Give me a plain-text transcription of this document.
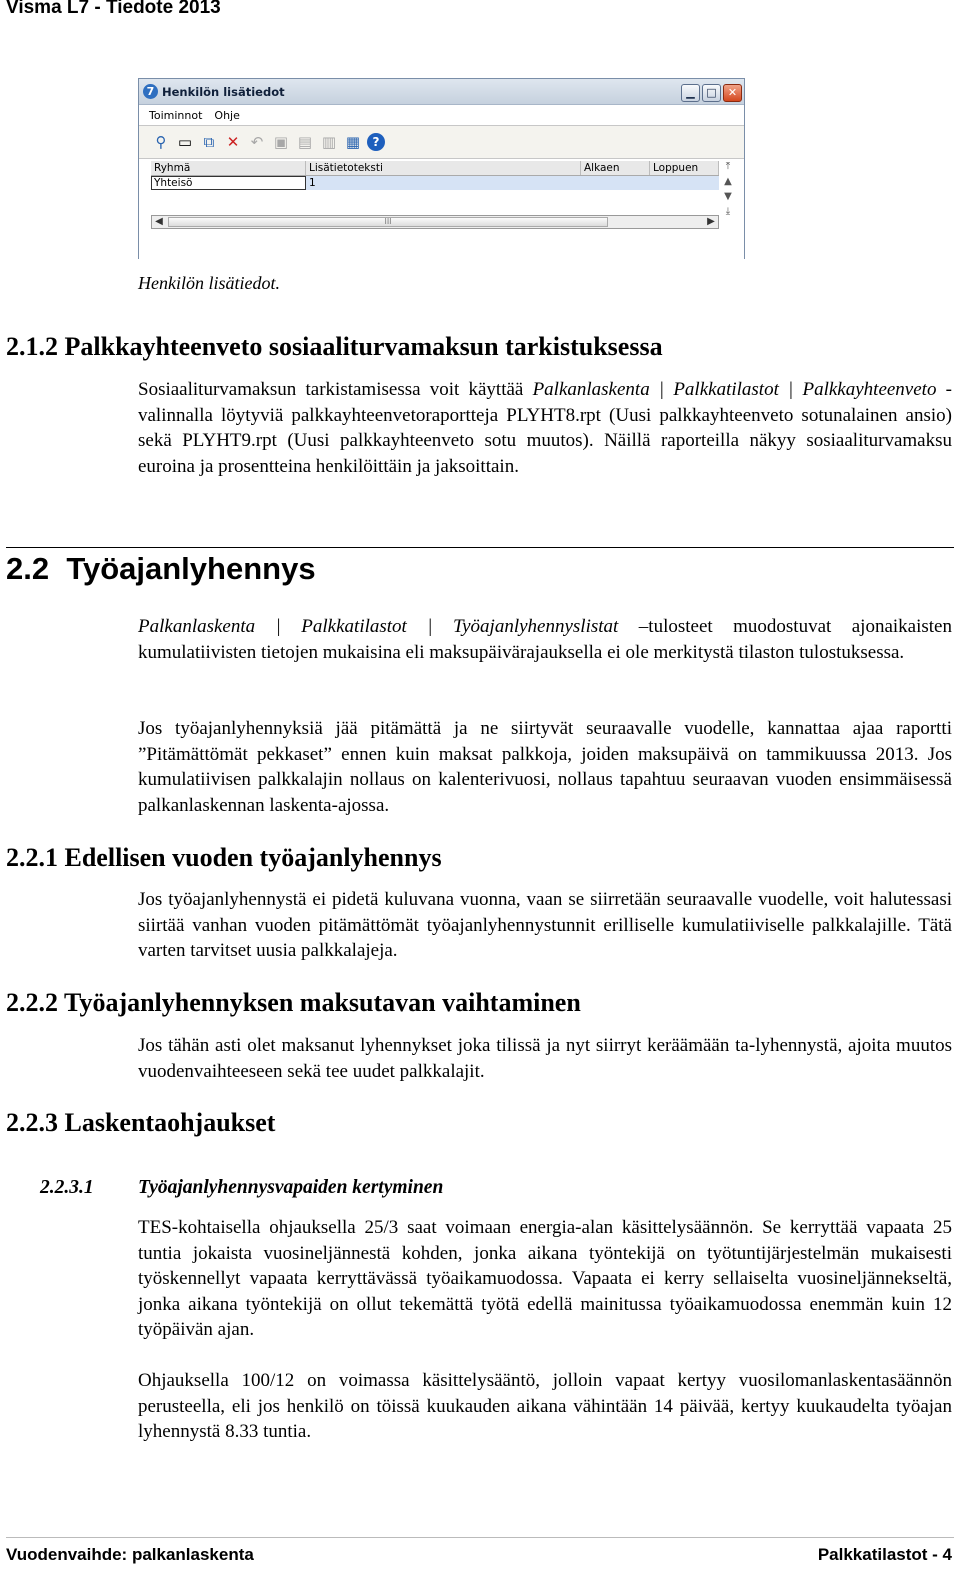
Visma L7 - Tiedote 2013
7 Henkilön lisätiedot	▁	□	✕
Toiminnot Ohje
⚲ ▭ ⧉ ✕ ↶ ▣ ▤ ▥ ▦	?
Ryhmä	Lisätietoteksti	Alkaen	Loppuen
Yhteisö	1
⤒
▲
▼
⤓
◀	III	▶
Henkilön lisätiedot.
2.1.2 Palkkayhteenveto sosiaaliturvamaksun tarkistuksessa
Sosiaaliturvamaksun tarkistamisessa voit käyttää Palkanlaskenta | Palkkatilastot | Palkkayhteenveto -valinnalla löytyviä palkkayhteenvetoraportteja PLYHT8.rpt (Uusi palkkayhteenveto sotunalainen ansio) sekä PLYHT9.rpt (Uusi palkkayhteenveto sotu muutos). Näillä raporteilla näkyy sosiaaliturvamaksu euroina ja prosentteina henkilöittäin ja jaksoittain.
2.2 Työajanlyhennys
Palkanlaskenta | Palkkatilastot | Työajanlyhennyslistat –tulosteet muodostuvat ajonaikaisten kumulatiivisten tietojen mukaisina eli maksupäivärajauksella ei ole merkitystä tilaston tulostuksessa.
Jos työajanlyhennyksiä jää pitämättä ja ne siirtyvät seuraavalle vuodelle, kannattaa ajaa raportti ”Pitämättömät pekkaset” ennen kuin maksat palkkoja, joiden maksupäivä on tammikuussa 2013. Jos kumulatiivisen palkkalajin nollaus on kalenterivuosi, nollaus tapahtuu seuraavan vuoden ensimmäisessä palkanlaskennan laskenta-ajossa.
2.2.1 Edellisen vuoden työajanlyhennys
Jos työajanlyhennystä ei pidetä kuluvana vuonna, vaan se siirretään seuraavalle vuodelle, voit halutessasi siirtää vanhan vuoden pitämättömät työajanlyhennystunnit erilliselle kumulatiiviselle palkkalajille. Tätä varten tarvitset uusia palkkalajeja.
2.2.2 Työajanlyhennyksen maksutavan vaihtaminen
Jos tähän asti olet maksanut lyhennykset joka tilissä ja nyt siirryt keräämään ta-lyhennystä, ajoita muutos vuodenvaihteeseen sekä tee uudet palkkalajit.
2.2.3 Laskentaohjaukset
2.2.3.1 Työajanlyhennysvapaiden kertyminen
TES-kohtaisella ohjauksella 25/3 saat voimaan energia-alan käsittelysäännön. Se kerryttää vapaata 25 tuntia jokaista vuosineljännestä kohden, jonka aikana työntekijä on työtuntijärjestelmän mukaisesti työskennellyt vapaata kerryttävässä työaikamuodossa. Vapaata ei kerry sellaiselta vuosineljännekseltä, jonka aikana työntekijä on ollut tekemättä työtä edellä mainitussa työaikamuodossa enemmän kuin 12 työpäivän ajan.
Ohjauksella 100/12 on voimassa käsittelysääntö, jolloin vapaat kertyy vuosilomanlaskentasäännön perusteella, eli jos henkilö on töissä kuukauden aikana vähintään 14 päivää, kertyy kuukaudelta työajan lyhennystä 8.33 tuntia.
Vuodenvaihde: palkanlaskenta	Palkkatilastot - 4
